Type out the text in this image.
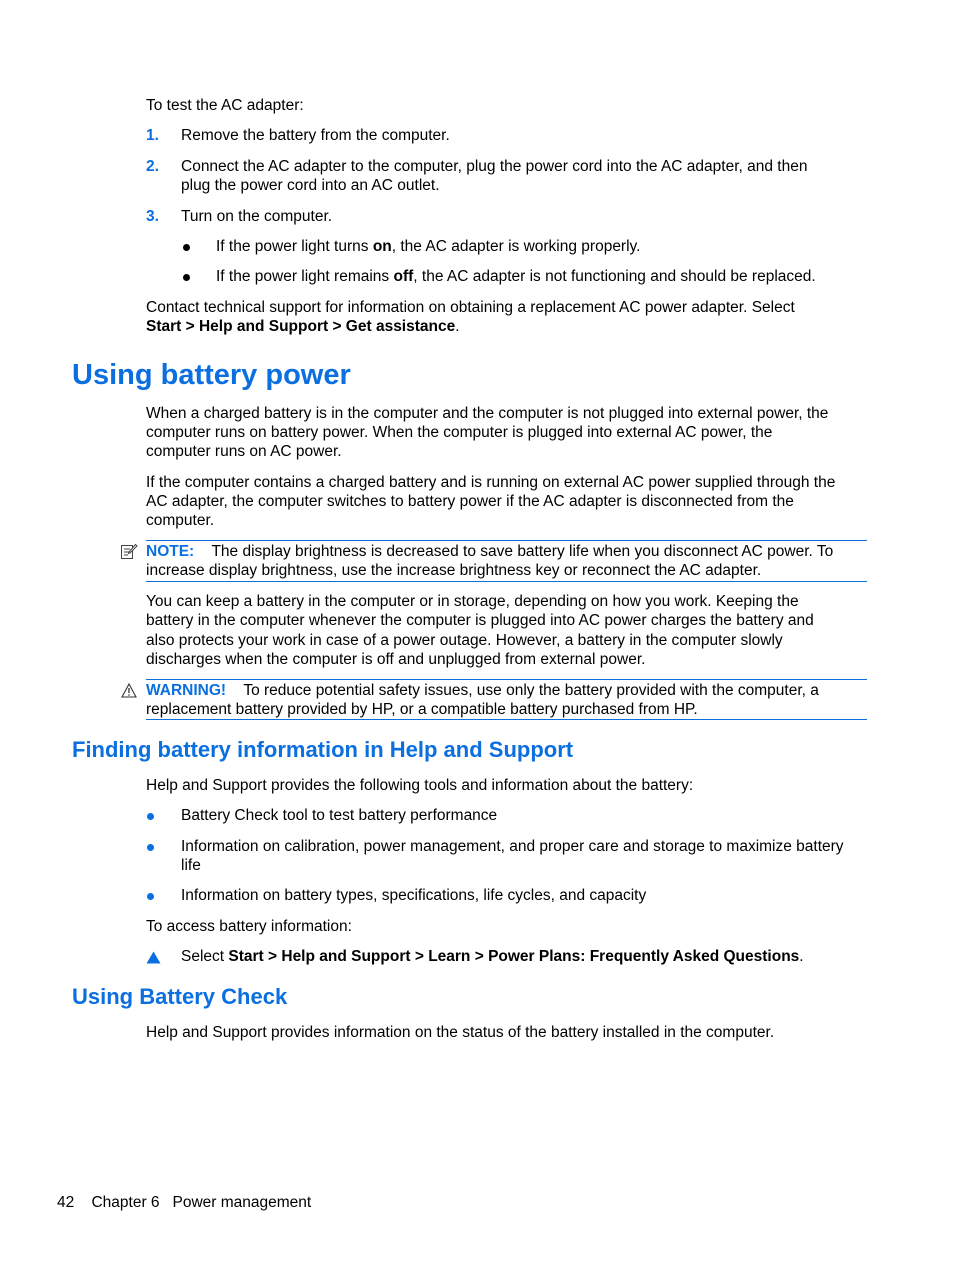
To test the AC adapter:
1. Remove the battery from the computer.
2. Connect the AC adapter to the computer, plug the power cord into the AC adapter, and then
plug the power cord into an AC outlet.
3. Turn on the computer.
If the power light turns on, the AC adapter is working properly.
If the power light remains off, the AC adapter is not functioning and should be replaced.
Contact technical support for information on obtaining a replacement AC power adapter. Select
Start > Help and Support > Get assistance.
Using battery power
When a charged battery is in the computer and the computer is not plugged into external power, the
computer runs on battery power. When the computer is plugged into external AC power, the
computer runs on AC power.
If the computer contains a charged battery and is running on external AC power supplied through the
AC adapter, the computer switches to battery power if the AC adapter is disconnected from the
computer.
NOTE: The display brightness is decreased to save battery life when you disconnect AC power. To
increase display brightness, use the increase brightness key or reconnect the AC adapter.
You can keep a battery in the computer or in storage, depending on how you work. Keeping the
battery in the computer whenever the computer is plugged into AC power charges the battery and
also protects your work in case of a power outage. However, a battery in the computer slowly
discharges when the computer is off and unplugged from external power.
WARNING! To reduce potential safety issues, use only the battery provided with the computer, a
replacement battery provided by HP, or a compatible battery purchased from HP.
Finding battery information in Help and Support
Help and Support provides the following tools and information about the battery:
Battery Check tool to test battery performance
Information on calibration, power management, and proper care and storage to maximize battery
life
Information on battery types, specifications, life cycles, and capacity
To access battery information:
Select Start > Help and Support > Learn > Power Plans: Frequently Asked Questions.
Using Battery Check
Help and Support provides information on the status of the battery installed in the computer.
42 Chapter 6 Power management
